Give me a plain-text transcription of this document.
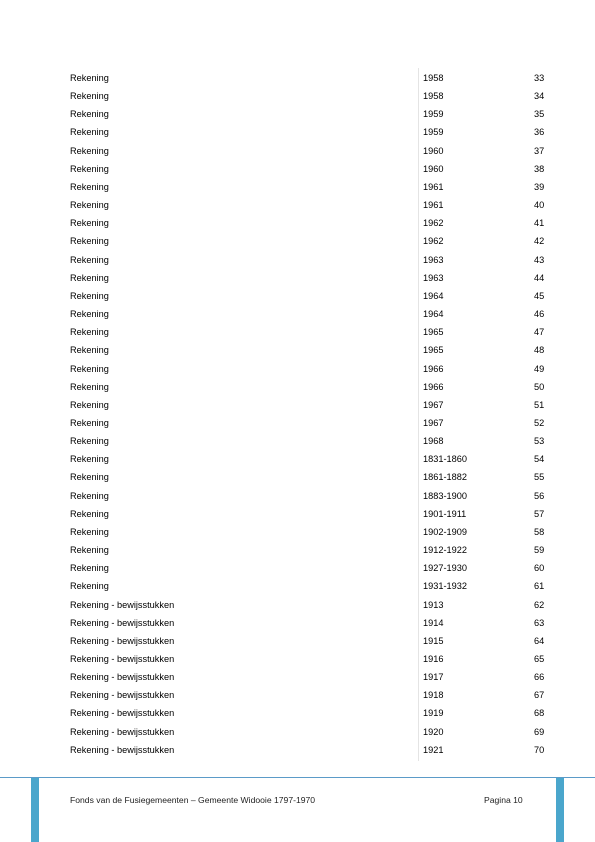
Rekening	1958	33
Rekening	1958	34
Rekening	1959	35
Rekening	1959	36
Rekening	1960	37
Rekening	1960	38
Rekening	1961	39
Rekening	1961	40
Rekening	1962	41
Rekening	1962	42
Rekening	1963	43
Rekening	1963	44
Rekening	1964	45
Rekening	1964	46
Rekening	1965	47
Rekening	1965	48
Rekening	1966	49
Rekening	1966	50
Rekening	1967	51
Rekening	1967	52
Rekening	1968	53
Rekening	1831-1860	54
Rekening	1861-1882	55
Rekening	1883-1900	56
Rekening	1901-1911	57
Rekening	1902-1909	58
Rekening	1912-1922	59
Rekening	1927-1930	60
Rekening	1931-1932	61
Rekening - bewijsstukken	1913	62
Rekening - bewijsstukken	1914	63
Rekening - bewijsstukken	1915	64
Rekening - bewijsstukken	1916	65
Rekening - bewijsstukken	1917	66
Rekening - bewijsstukken	1918	67
Rekening - bewijsstukken	1919	68
Rekening - bewijsstukken	1920	69
Rekening - bewijsstukken	1921	70
Fonds van de Fusiegemeenten – Gemeente Widooie 1797-1970	Pagina 10
